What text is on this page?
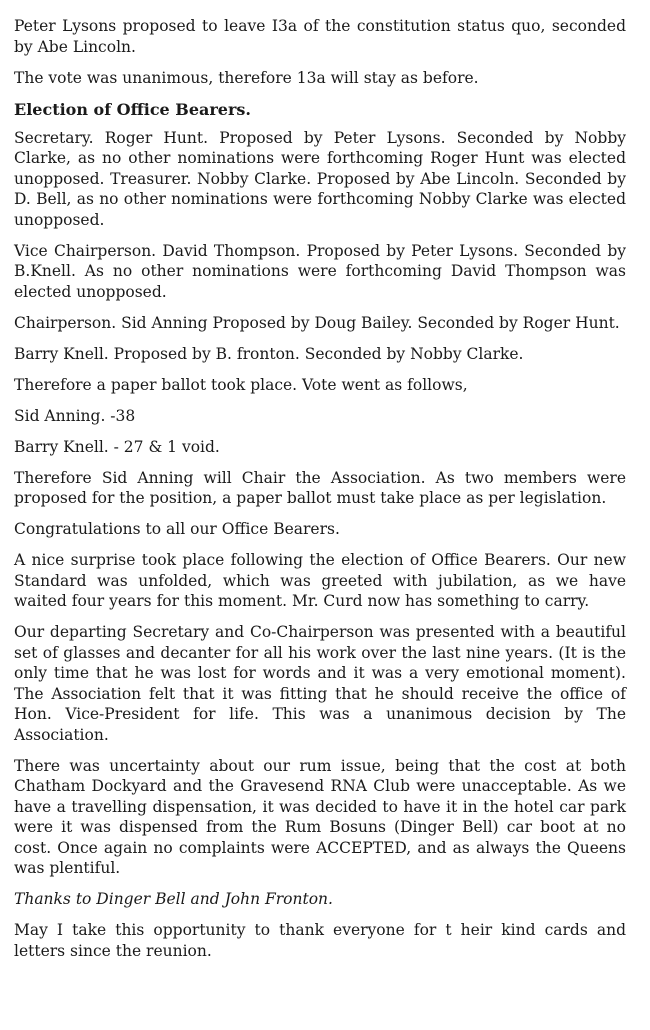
Peter Lysons proposed to leave I3a of the constitution status quo, seconded by Abe Lincoln.

The vote was unanimous, therefore 13a will stay as before.

Election of Office Bearers.

Secretary. Roger Hunt. Proposed by Peter Lysons. Seconded by Nobby Clarke, as no other nominations were forthcoming Roger Hunt was elected unopposed. Treasurer. Nobby Clarke. Proposed by Abe Lincoln. Seconded by D. Bell, as no other nominations were forthcoming Nobby Clarke was elected unopposed.

Vice Chairperson. David Thompson. Proposed by Peter Lysons. Seconded by B.Knell. As no other nominations were forthcoming David Thompson was elected unopposed.

Chairperson. Sid Anning Proposed by Doug Bailey. Seconded by Roger Hunt.

Barry Knell. Proposed by B. fronton. Seconded by Nobby Clarke.

Therefore a paper ballot took place. Vote went as follows,

Sid Anning. -38

Barry Knell. - 27 & 1 void.

Therefore Sid Anning will Chair the Association. As two members were proposed for the position, a paper ballot must take place as per legislation.

Congratulations to all our Office Bearers.

A nice surprise took place following the election of Office Bearers. Our new Standard was unfolded, which was greeted with jubilation, as we have waited four years for this moment. Mr. Curd now has something to carry.

Our departing Secretary and Co-Chairperson was presented with a beautiful set of glasses and decanter for all his work over the last nine years. (It is the only time that he was lost for words and it was a very emotional moment). The Association felt that it was fitting that he should receive the office of Hon. Vice-President for life. This was a unanimous decision by The Association.

There was uncertainty about our rum issue, being that the cost at both Chatham Dockyard and the Gravesend RNA Club were unacceptable. As we have a travelling dispensation, it was decided to have it in the hotel car park were it was dispensed from the Rum Bosuns (Dinger Bell) car boot at no cost. Once again no complaints were ACCEPTED, and as always the Queens was plentiful.

Thanks to Dinger Bell and John Fronton.

May I take this opportunity to thank everyone for t heir kind cards and letters since the reunion.
